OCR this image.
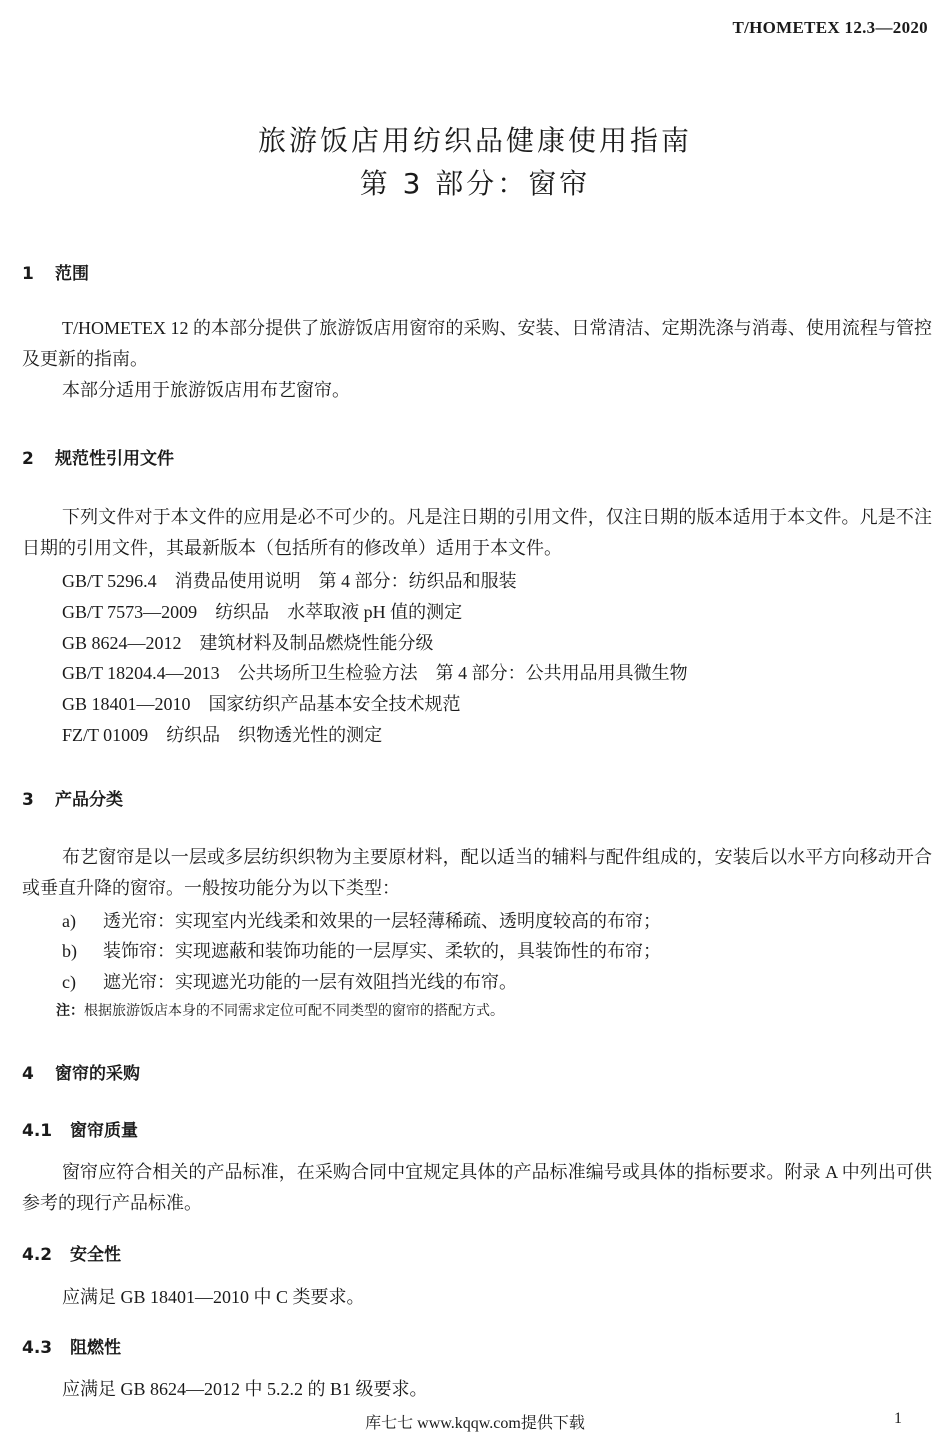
T/HOMETEX 12.3—2020
旅游饭店用纺织品健康使用指南
第 3 部分：窗帘
1 范围

T/HOMETEX 12 的本部分提供了旅游饭店用窗帘的采购、安装、日常清洁、定期洗涤与消毒、使用流程与管控及更新的指南。

本部分适用于旅游饭店用布艺窗帘。

2 规范性引用文件

下列文件对于本文件的应用是必不可少的。凡是注日期的引用文件，仅注日期的版本适用于本文件。凡是不注日期的引用文件，其最新版本（包括所有的修改单）适用于本文件。

GB/T 5296.4 消费品使用说明　第 4 部分：纺织品和服装
GB/T 7573—2009 纺织品　水萃取液 pH 值的测定
GB 8624—2012 建筑材料及制品燃烧性能分级
GB/T 18204.4—2013 公共场所卫生检验方法　第 4 部分：公共用品用具微生物
GB 18401—2010 国家纺织产品基本安全技术规范
FZ/T 01009 纺织品　织物透光性的测定
3 产品分类

布艺窗帘是以一层或多层纺织织物为主要原材料，配以适当的辅料与配件组成的，安装后以水平方向移动开合或垂直升降的窗帘。一般按功能分为以下类型：

a) 透光帘：实现室内光线柔和效果的一层轻薄稀疏、透明度较高的布帘；
b) 装饰帘：实现遮蔽和装饰功能的一层厚实、柔软的，具装饰性的布帘；
c) 遮光帘：实现遮光功能的一层有效阻挡光线的布帘。
注：根据旅游饭店本身的不同需求定位可配不同类型的窗帘的搭配方式。
4 窗帘的采购
4.1 窗帘质量

窗帘应符合相关的产品标准，在采购合同中宜规定具体的产品标准编号或具体的指标要求。附录 A 中列出可供参考的现行产品标准。

4.2 安全性

应满足 GB 18401—2010 中 C 类要求。

4.3 阻燃性

应满足 GB 8624—2012 中 5.2.2 的 B1 级要求。

库七七 www.kqqw.com提供下载	1
